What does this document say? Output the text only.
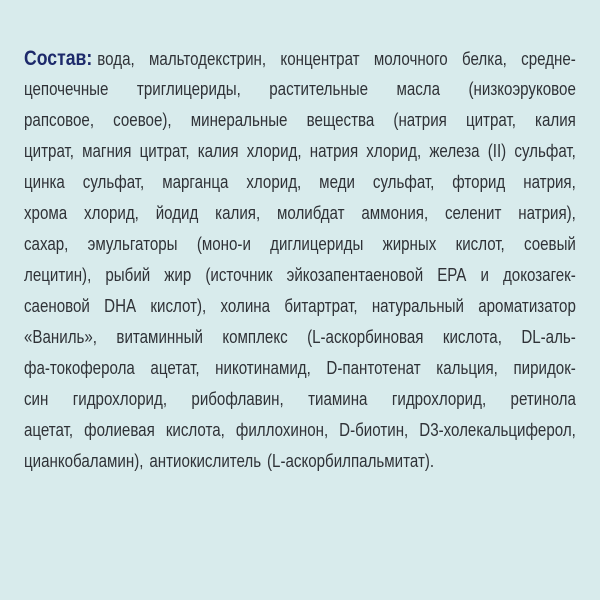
Состав: вода, мальтодекстрин, концентрат молочного белка, средне-
цепочечные триглицериды, растительные масла (низкоэруковое
рапсовое, соевое), минеральные вещества (натрия цитрат, калия
цитрат, магния цитрат, калия хлорид, натрия хлорид, железа (II) сульфат,
цинка сульфат, марганца хлорид, меди сульфат, фторид натрия,
хрома хлорид, йодид калия, молибдат аммония, селенит натрия),
сахар, эмульгаторы (моно-и диглицериды жирных кислот, соевый
лецитин), рыбий жир (источник эйкозапентаеновой EPA и докозагек-
саеновой DHA кислот), холина битартрат, натуральный ароматизатор
«Ваниль», витаминный комплекс (L-аскорбиновая кислота, DL-аль-
фа-токоферола ацетат, никотинамид, D-пантотенат кальция, пиридок-
син гидрохлорид, рибофлавин, тиамина гидрохлорид, ретинола
ацетат, фолиевая кислота, филлохинон, D-биотин, D3-холекальциферол,
цианкобаламин), антиокислитель (L-аскорбилпальмитат).
